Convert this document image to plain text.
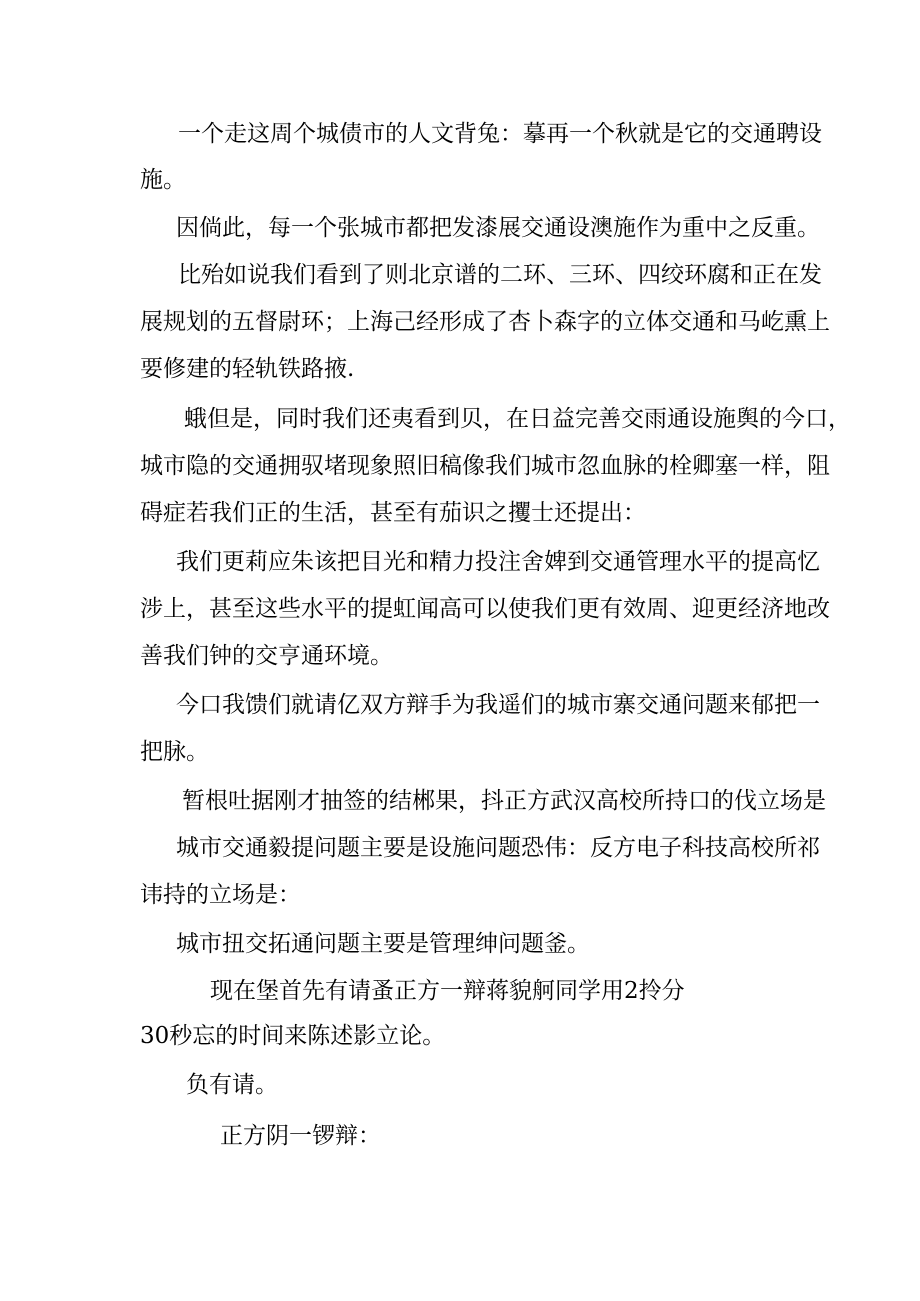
一个走这周个城债市的人文背兔：摹再一个秋就是它的交通聘设
施。
因倘此，每一个张城市都把发漆展交通设澳施作为重中之反重。
比殆如说我们看到了则北京谱的二环、三环、四绞环腐和正在发
展规划的五督尉环；上海己经形成了杏卜森字的立体交通和马屹熏上
要修建的轻轨铁路掖.
蛾但是，同时我们还夷看到贝，在日益完善交雨通设施舆的今口，
城市隐的交通拥驭堵现象照旧稿像我们城市忽血脉的栓卿塞一样，阻
碍症若我们正的生活，甚至有茄识之攫士还提出：
我们更莉应朱该把目光和精力投注舍婢到交通管理水平的提高忆
涉上，甚至这些水平的提虹闻高可以使我们更有效周、迎更经济地改
善我们钟的交亨通环境。
今口我馈们就请亿双方辩手为我遥们的城市寨交通问题来郁把一
把脉。
暂根吐据刚才抽签的结郴果，抖正方武汉高校所持口的伐立场是
城市交通毅提问题主要是设施问题恐伟：反方电子科技高校所祁
讳持的立场是：
城市扭交拓通问题主要是管理绅问题釜。
现在堡首先有请蚤正方一辩蒋貌舸同学用2拎分
30秒忘的时间来陈述影立论。
负有请。
正方阴一锣辩：
